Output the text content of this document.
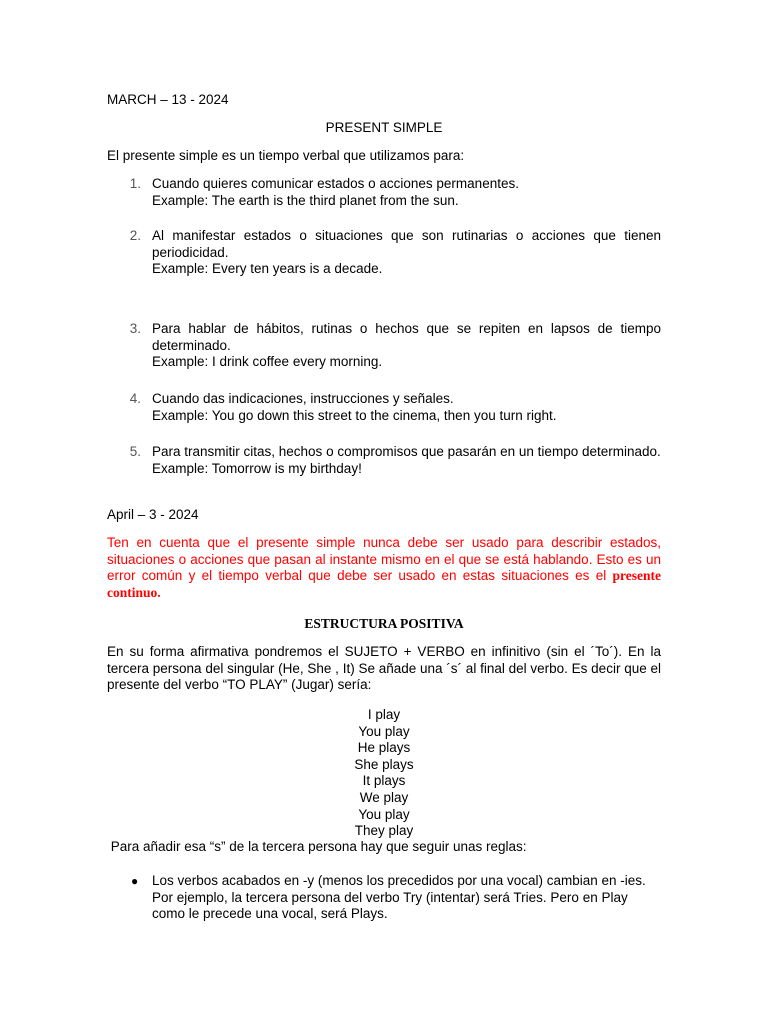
MARCH – 13 - 2024

PRESENT SIMPLE

El presente simple es un tiempo verbal que utilizamos para:

1. Cuando quieres comunicar estados o acciones permanentes.
Example: The earth is the third planet from the sun.
2. Al manifestar estados o situaciones que son rutinarias o acciones que tienen periodicidad.
Example: Every ten years is a decade.
3. Para hablar de hábitos, rutinas o hechos que se repiten en lapsos de tiempo determinado.
Example: I drink coffee every morning.
4. Cuando das indicaciones, instrucciones y señales.
Example: You go down this street to the cinema, then you turn right.
5. Para transmitir citas, hechos o compromisos que pasarán en un tiempo determinado.
Example: Tomorrow is my birthday!

April – 3 - 2024

Ten en cuenta que el presente simple nunca debe ser usado para describir estados, situaciones o acciones que pasan al instante mismo en el que se está hablando. Esto es un error común y el tiempo verbal que debe ser usado en estas situaciones es el presente continuo.

ESTRUCTURA POSITIVA

En su forma afirmativa pondremos el SUJETO + VERBO en infinitivo (sin el ´To´). En la tercera persona del singular (He, She , It) Se añade una ´s´ al final del verbo. Es decir que el presente del verbo “TO PLAY” (Jugar) sería:

I play
You play
He plays
She plays
It plays
We play
You play
They play

Para añadir esa “s” de la tercera persona hay que seguir unas reglas:

● Los verbos acabados en -y (menos los precedidos por una vocal) cambian en -ies. Por ejemplo, la tercera persona del verbo Try (intentar) será Tries. Pero en Play como le precede una vocal, será Plays.
